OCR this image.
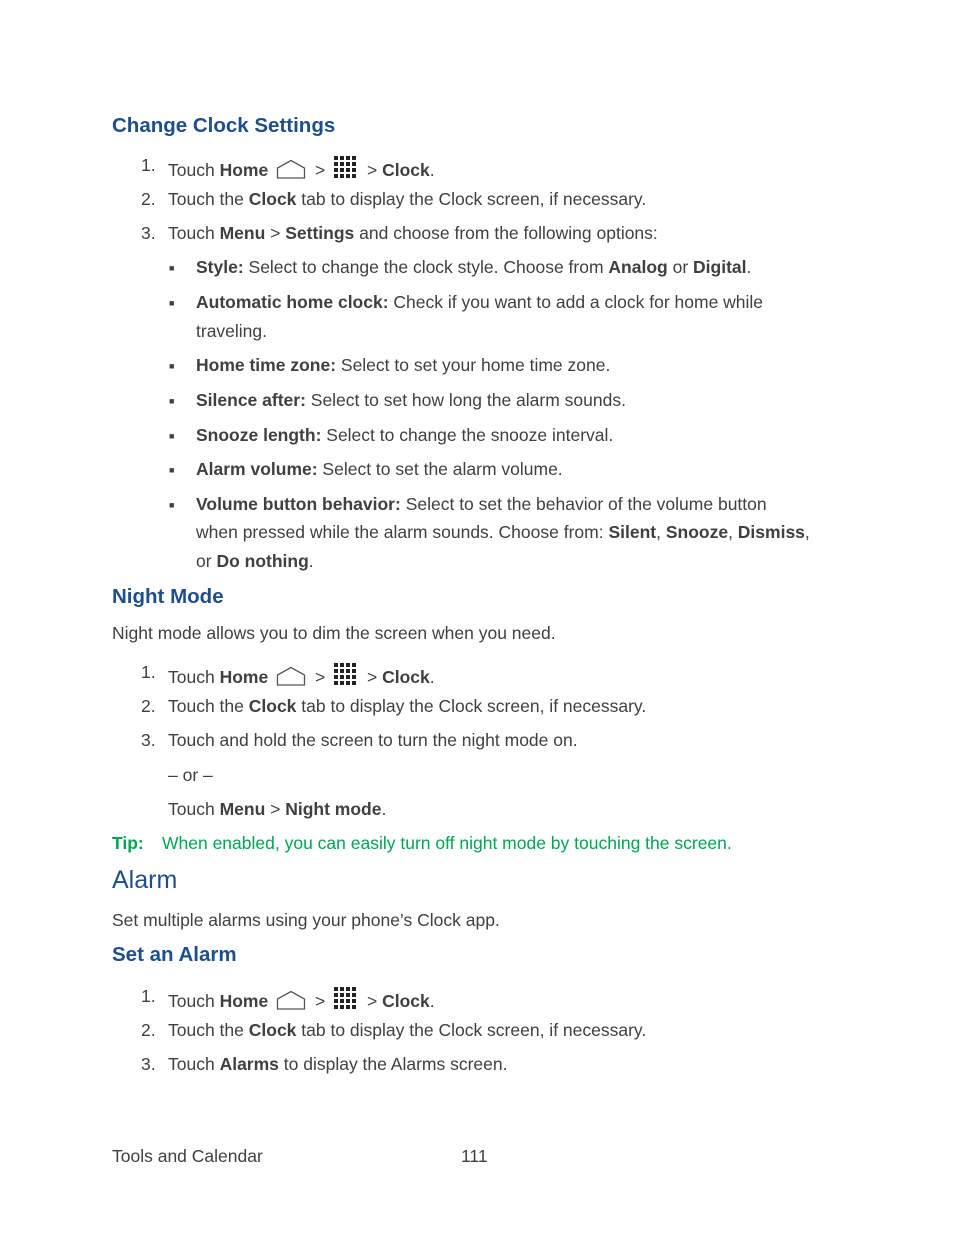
Change Clock Settings
1. Touch Home >  > Clock.
2. Touch the Clock tab to display the Clock screen, if necessary.
3. Touch Menu > Settings and choose from the following options:
■ Style: Select to change the clock style. Choose from Analog or Digital.
■ Automatic home clock: Check if you want to add a clock for home while
traveling.
■ Home time zone: Select to set your home time zone.
■ Silence after: Select to set how long the alarm sounds.
■ Snooze length: Select to change the snooze interval.
■ Alarm volume: Select to set the alarm volume.
■ Volume button behavior: Select to set the behavior of the volume button
when pressed while the alarm sounds. Choose from: Silent, Snooze, Dismiss,
or Do nothing.
Night Mode
Night mode allows you to dim the screen when you need.
1. Touch Home >  > Clock.
2. Touch the Clock tab to display the Clock screen, if necessary.
3. Touch and hold the screen to turn the night mode on.
– or –
Touch Menu > Night mode.
Tip: When enabled, you can easily turn off night mode by touching the screen.
Alarm
Set multiple alarms using your phone’s Clock app.
Set an Alarm
1. Touch Home >  > Clock.
2. Touch the Clock tab to display the Clock screen, if necessary.
3. Touch Alarms to display the Alarms screen.
Tools and Calendar	111
